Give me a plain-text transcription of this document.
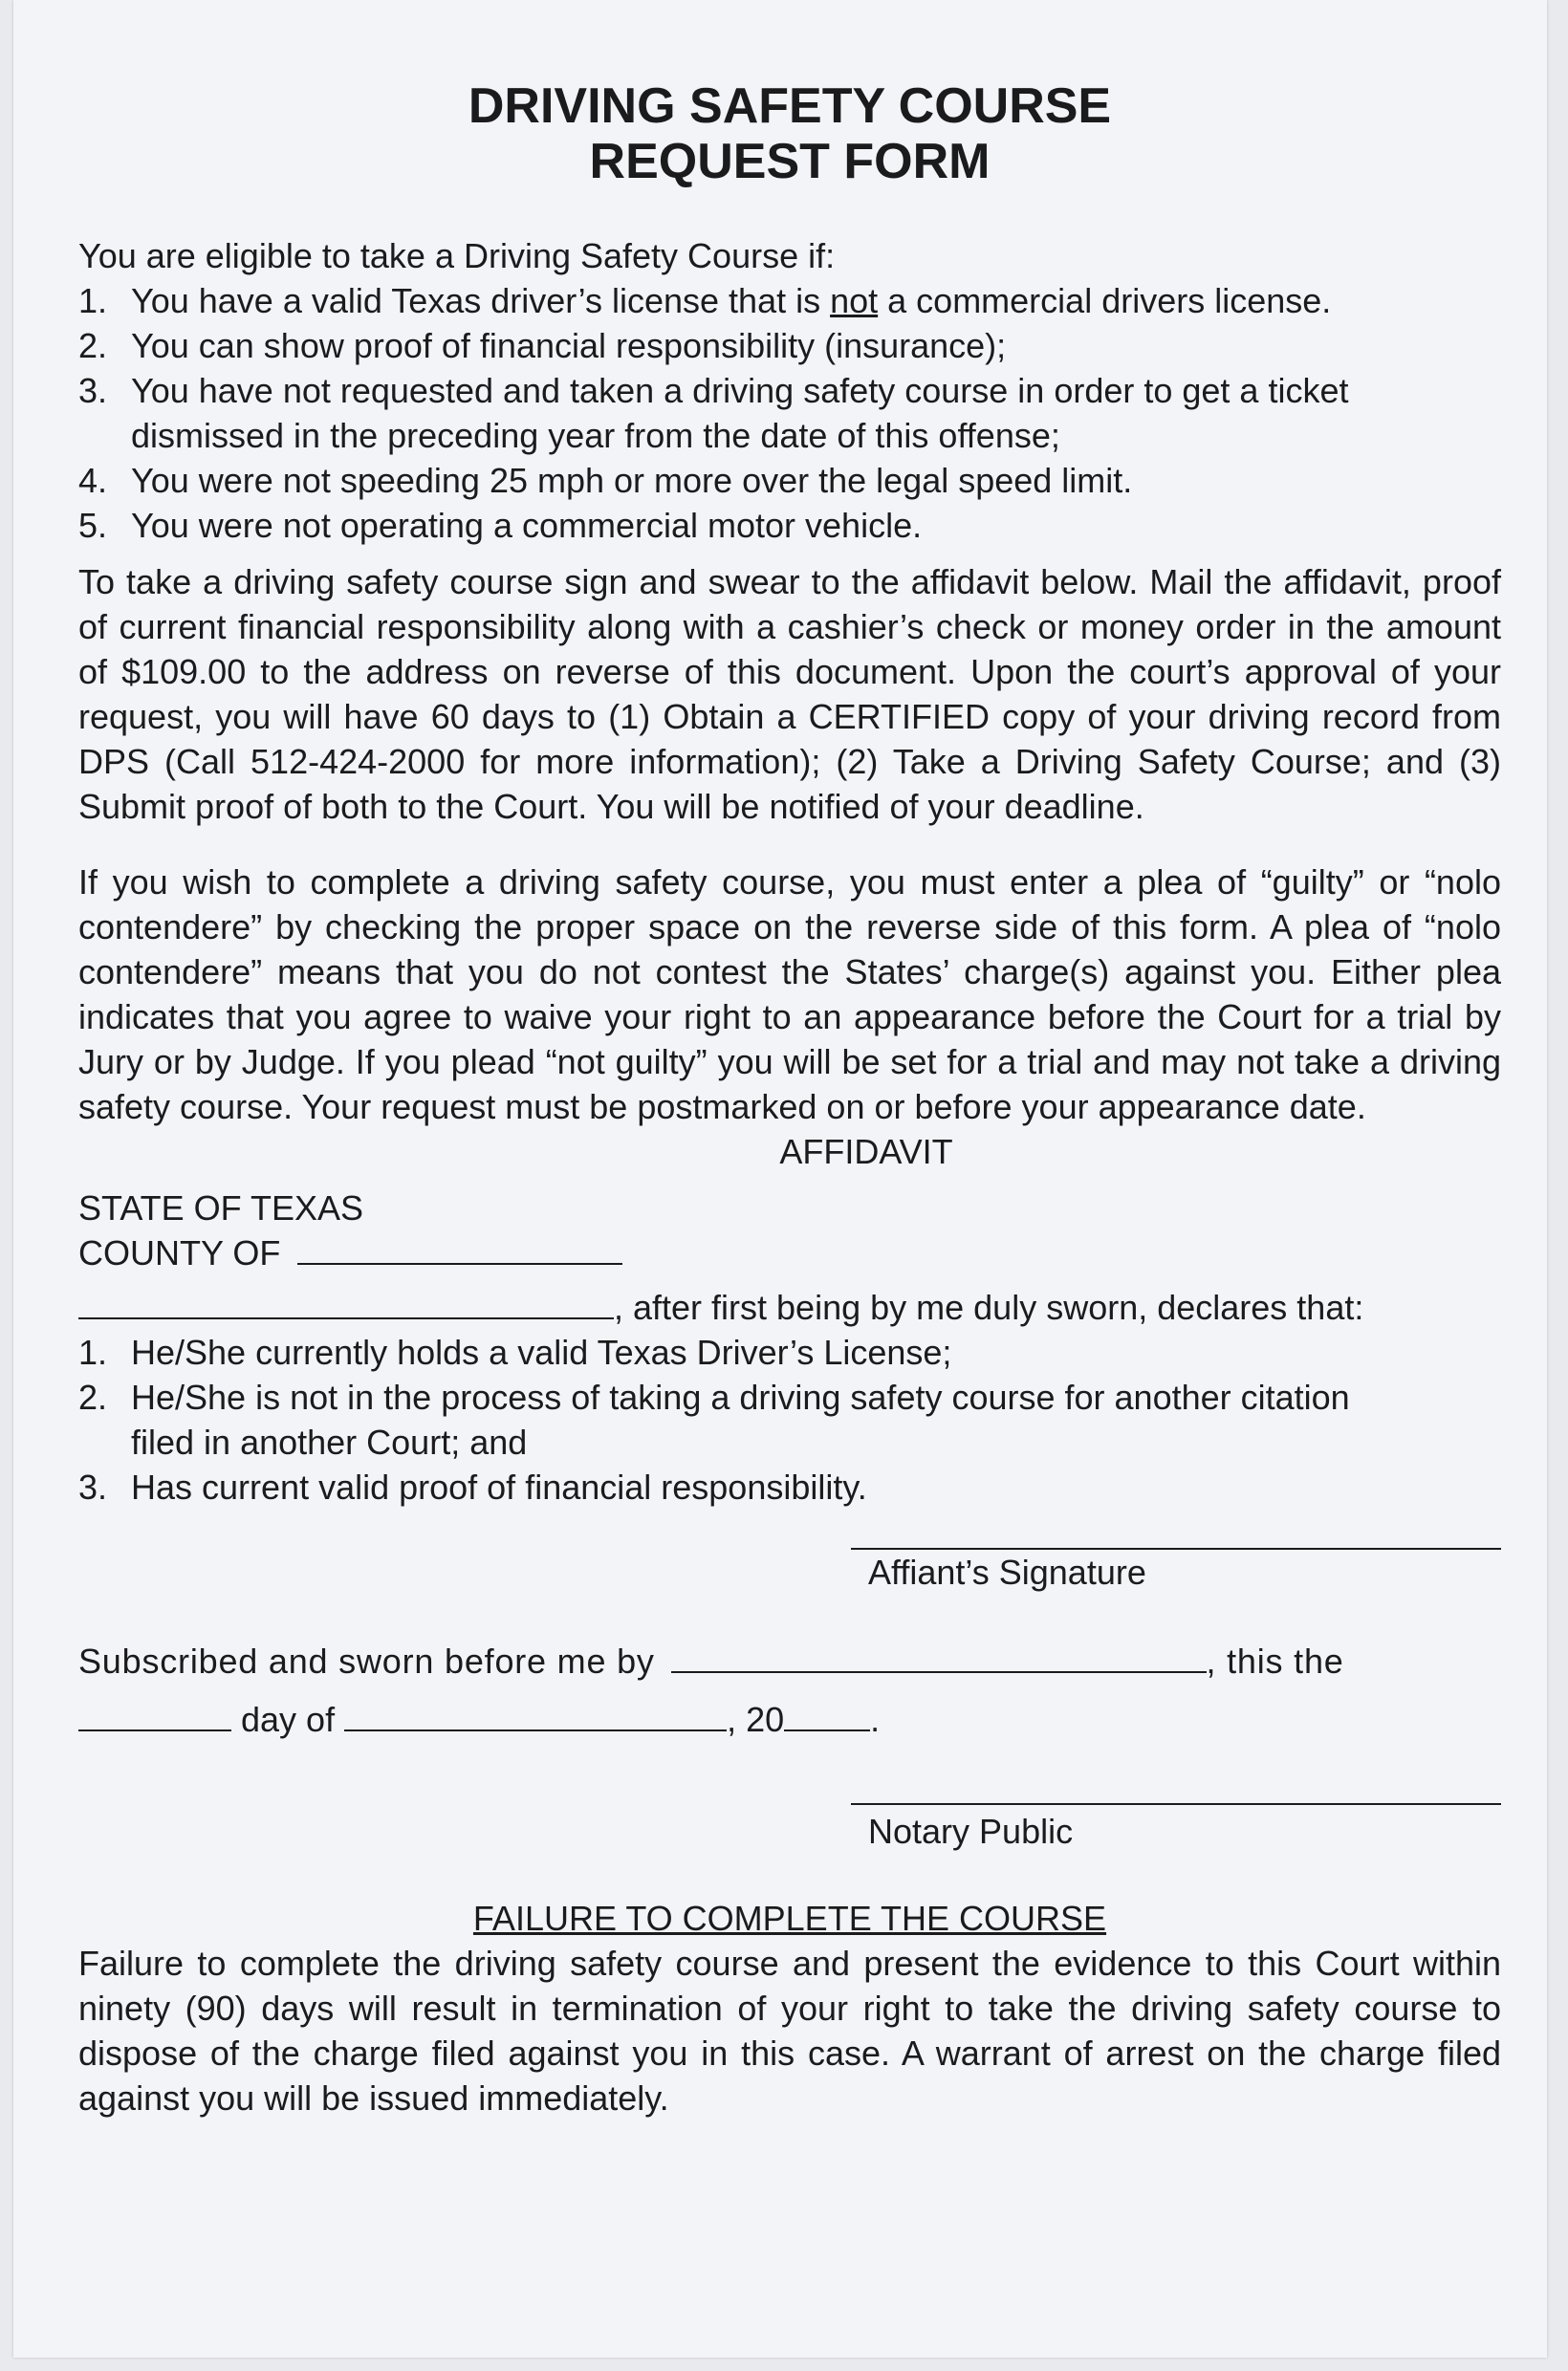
DRIVING SAFETY COURSE
REQUEST FORM

You are eligible to take a Driving Safety Course if:

1. You have a valid Texas driver’s license that is not a commercial drivers license.
2. You can show proof of financial responsibility (insurance);
3. You have not requested and taken a driving safety course in order to get a ticket dismissed in the preceding year from the date of this offense;
4. You were not speeding 25 mph or more over the legal speed limit.
5. You were not operating a commercial motor vehicle.

To take a driving safety course sign and swear to the affidavit below. Mail the affidavit, proof of current financial responsibility along with a cashier’s check or money order in the amount of $109.00 to the address on reverse of this document. Upon the court’s approval of your request, you will have 60 days to (1) Obtain a CERTIFIED copy of your driving record from DPS (Call 512-424-2000 for more information); (2) Take a Driving Safety Course; and (3) Submit proof of both to the Court. You will be notified of your deadline.

If you wish to complete a driving safety course, you must enter a plea of “guilty” or “nolo contendere” by checking the proper space on the reverse side of this form. A plea of “nolo contendere” means that you do not contest the States’ charge(s) against you. Either plea indicates that you agree to waive your right to an appearance before the Court for a trial by Jury or by Judge. If you plead “not guilty” you will be set for a trial and may not take a driving safety course. Your request must be postmarked on or before your appearance date.

AFFIDAVIT

STATE OF TEXAS

COUNTY OF

, after first being by me duly sworn, declares that:

1. He/She currently holds a valid Texas Driver’s License;
2. He/She is not in the process of taking a driving safety course for another citation filed in another Court; and
3. Has current valid proof of financial responsibility.

Affiant’s Signature

Subscribed and sworn before me by	, this the

day of	, 20	.

Notary Public

FAILURE TO COMPLETE THE COURSE

Failure to complete the driving safety course and present the evidence to this Court within ninety (90) days will result in termination of your right to take the driving safety course to dispose of the charge filed against you in this case. A warrant of arrest on the charge filed against you will be issued immediately.
